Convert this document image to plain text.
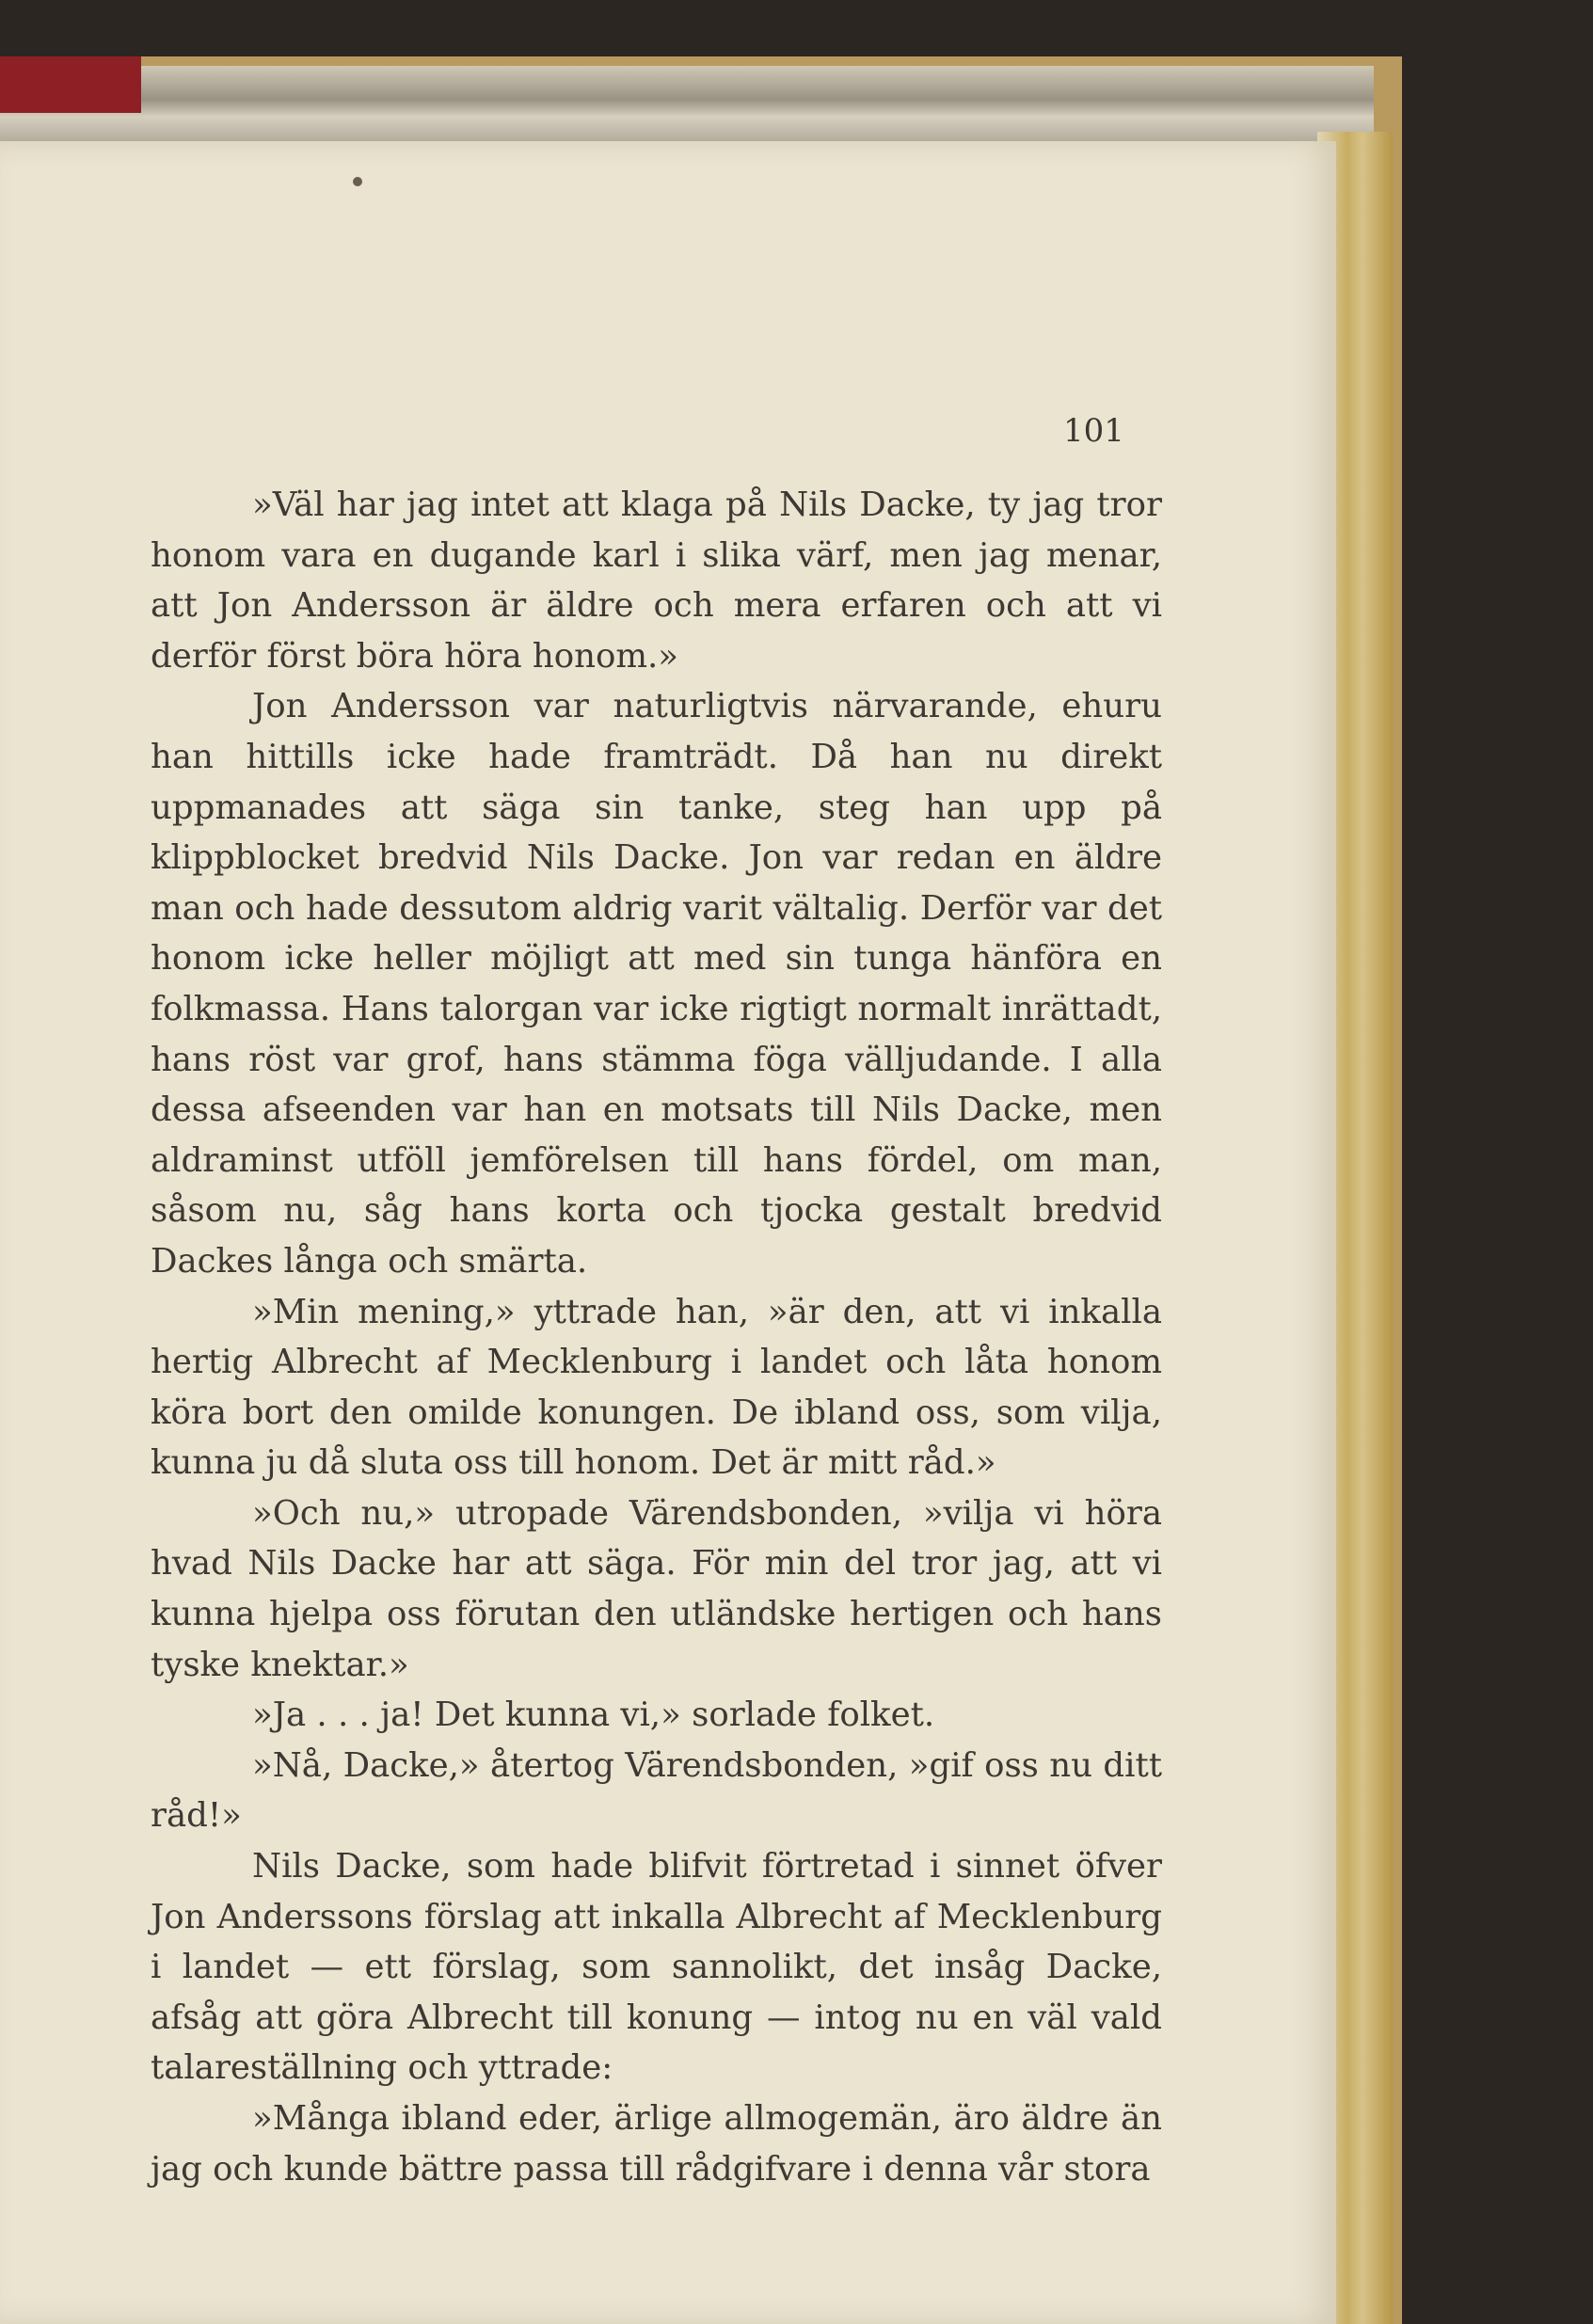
101

»Väl har jag intet att klaga på Nils Dacke, ty jag tror honom vara en dugande karl i slika värf, men jag menar, att Jon Andersson är äldre och mera erfaren och att vi derför först böra höra honom.»

Jon Andersson var naturligtvis närvarande, ehuru han hittills icke hade framträdt. Då han nu direkt uppmanades att säga sin tanke, steg han upp på klippblocket bredvid Nils Dacke. Jon var redan en äldre man och hade dessutom aldrig varit vältalig. Derför var det honom icke heller möjligt att med sin tunga hänföra en folkmassa. Hans talorgan var icke rigtigt normalt inrättadt, hans röst var grof, hans stämma föga välljudande. I alla dessa afseenden var han en motsats till Nils Dacke, men aldraminst utföll jemförelsen till hans fördel, om man, såsom nu, såg hans korta och tjocka gestalt bredvid Dackes långa och smärta.

»Min mening,» yttrade han, »är den, att vi inkalla hertig Albrecht af Mecklenburg i landet och låta honom köra bort den omilde konungen. De ibland oss, som vilja, kunna ju då sluta oss till honom. Det är mitt råd.»

»Och nu,» utropade Värendsbonden, »vilja vi höra hvad Nils Dacke har att säga. För min del tror jag, att vi kunna hjelpa oss förutan den utländske hertigen och hans tyske knektar.»

»Ja . . . ja! Det kunna vi,» sorlade folket.

»Nå, Dacke,» återtog Värendsbonden, »gif oss nu ditt råd!»

Nils Dacke, som hade blifvit förtretad i sinnet öfver Jon Anderssons förslag att inkalla Albrecht af Mecklenburg i landet — ett förslag, som sannolikt, det insåg Dacke, afsåg att göra Albrecht till konung — intog nu en väl vald talareställning och yttrade:

»Många ibland eder, ärlige allmogemän, äro äldre än jag och kunde bättre passa till rådgifvare i denna vår stora
